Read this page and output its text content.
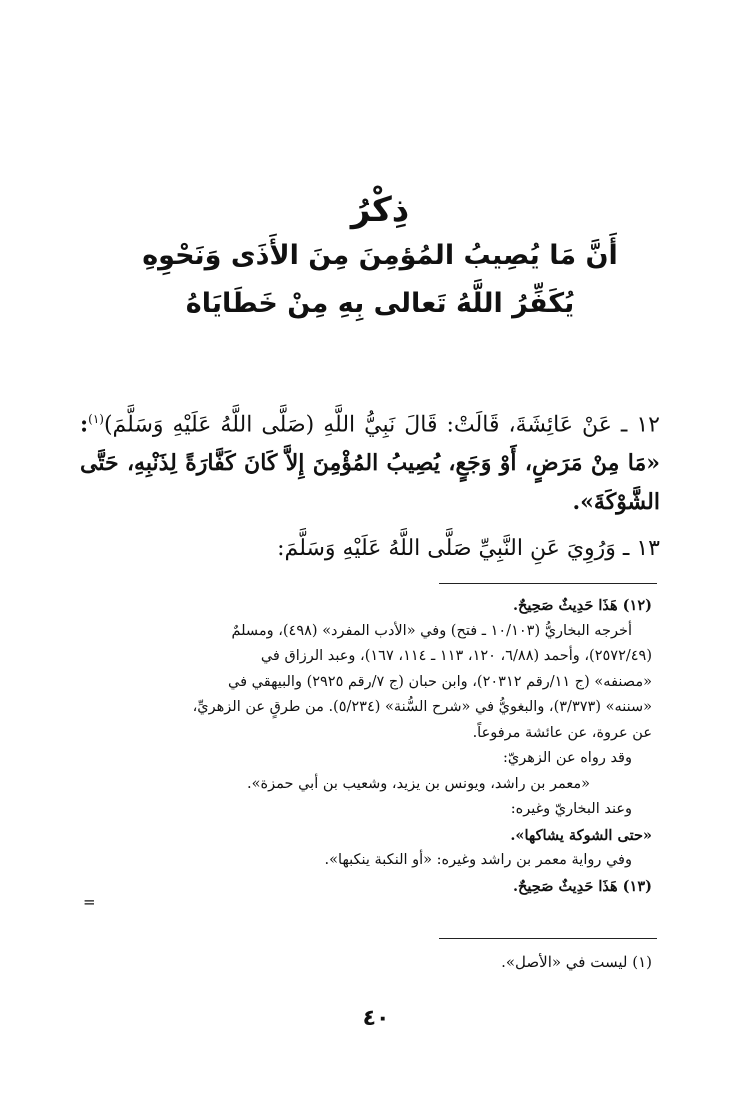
ذِكْرُ
أَنَّ مَا يُصِيبُ المُؤمِنَ مِنَ الأَذَى وَنَحْوِهِ
يُكَفِّرُ اللَّهُ تَعالى بِهِ مِنْ خَطَايَاهُ

١٢ ـ عَنْ عَائِشَةَ، قَالَتْ: قَالَ نَبِيُّ اللَّهِ (صَلَّى اللَّهُ عَلَيْهِ وَسَلَّمَ)$^{(١)}$: «مَا مِنْ مَرَضٍ، أَوْ وَجَعٍ، يُصِيبُ المُؤْمِنَ إِلاَّ كَانَ كَفَّارَةً لِذَنْبِهِ، حَتَّى الشَّوْكَةَ».

١٣ ـ وَرُوِيَ عَنِ النَّبِيِّ صَلَّى اللَّهُ عَلَيْهِ وَسَلَّمَ:

(١٢) هَذَا حَدِيثٌ صَحِيحٌ.
أخرجه البخاريُّ (١٠/١٠٣ ـ فتح) وفي «الأدب المفرد» (٤٩٨)، ومسلمٌ
(٢٥٧٢/٤٩)، وأحمد (٦/٨٨، ١٢٠، ١١٣ ـ ١١٤، ١٦٧)، وعبد الرزاق في
«مصنفه» (ج ١١/رقم ٢٠٣١٢)، وابن حبان (ج ٧/رقم ٢٩٢٥) والبيهقي في
«سننه» (٣/٣٧٣)، والبغويُّ في «شرح السُّنة» (٥/٢٣٤). من طرقٍ عن الزهريِّ،
عن عروة، عن عائشة مرفوعاً.
وقد رواه عن الزهريّ:
«معمر بن راشد، ويونس بن يزيد، وشعيب بن أبي حمزة».
وعند البخاريّ وغيره:
«حتى الشوكة يشاكها».
وفي رواية معمر بن راشد وغيره: «أو النكبة ينكبها».
(١٣) هَذَا حَدِيثٌ صَحِيحٌ.
=
(١) ليست في «الأصل».
٤٠
